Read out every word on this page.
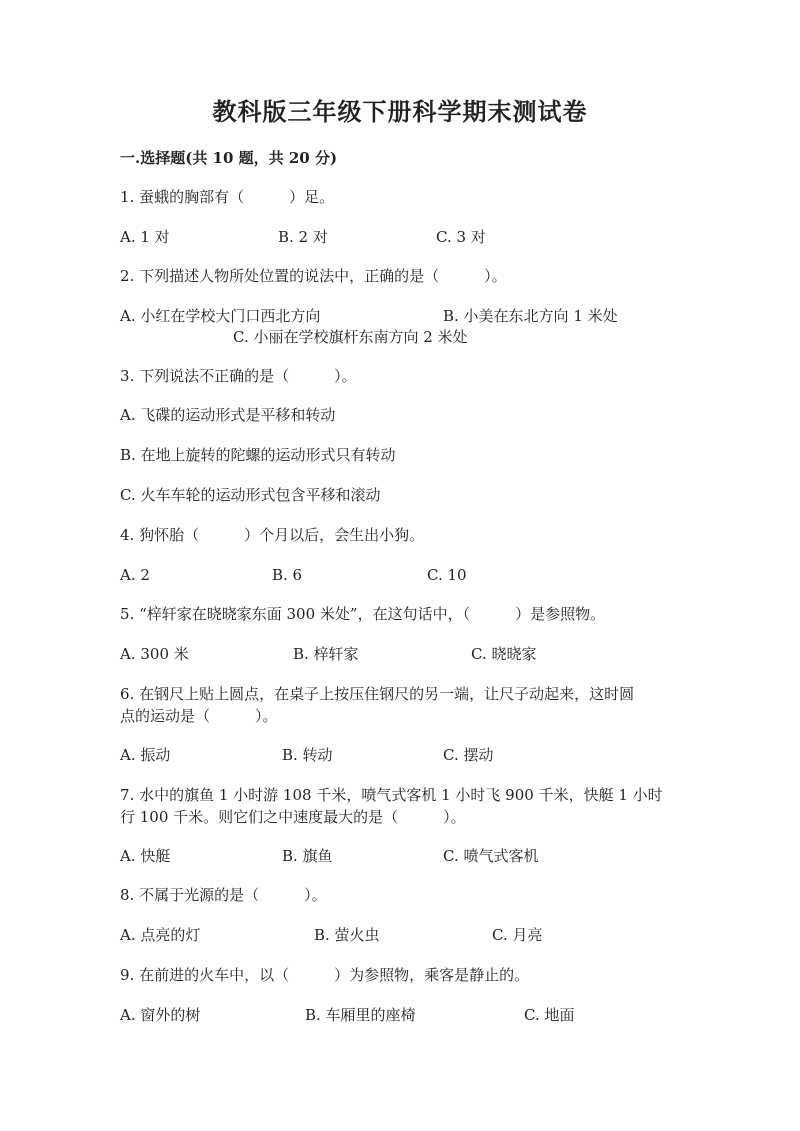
教科版三年级下册科学期末测试卷
一.选择题(共 10 题，共 20 分)
1. 蚕蛾的胸部有（　　　）足。
A. 1 对	B. 2 对	C. 3 对
2. 下列描述人物所处位置的说法中，正确的是（　　　）。
A. 小红在学校大门口西北方向	B. 小美在东北方向 1 米处
C. 小丽在学校旗杆东南方向 2 米处
3. 下列说法不正确的是（　　　）。
A. 飞碟的运动形式是平移和转动
B. 在地上旋转的陀螺的运动形式只有转动
C. 火车车轮的运动形式包含平移和滚动
4. 狗怀胎（　　　）个月以后，会生出小狗。
A. 2	B. 6	C. 10
5. “梓轩家在晓晓家东面 300 米处”，在这句话中，（　　　）是参照物。
A. 300 米	B. 梓轩家	C. 晓晓家
6. 在钢尺上贴上圆点，在桌子上按压住钢尺的另一端，让尺子动起来，这时圆
点的运动是（　　　）。
A. 振动	B. 转动	C. 摆动
7. 水中的旗鱼 1 小时游 108 千米，喷气式客机 1 小时飞 900 千米，快艇 1 小时
行 100 千米。则它们之中速度最大的是（　　　）。
A. 快艇	B. 旗鱼	C. 喷气式客机
8. 不属于光源的是（　　　）。
A. 点亮的灯	B. 萤火虫	C. 月亮
9. 在前进的火车中，以（　　　）为参照物，乘客是静止的。
A. 窗外的树	B. 车厢里的座椅	C. 地面
